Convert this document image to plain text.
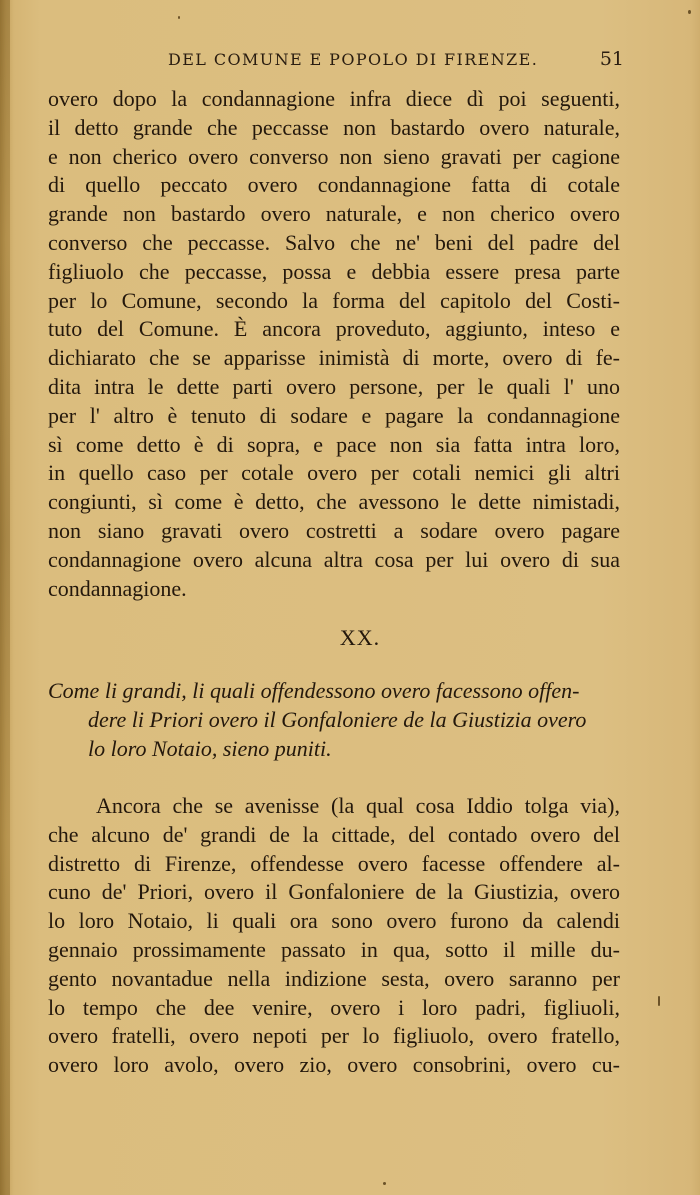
DEL COMUNE E POPOLO DI FIRENZE.	51
overo dopo la condannagione infra diece dì poi seguenti,
il detto grande che peccasse non bastardo overo naturale,
e non cherico overo converso non sieno gravati per cagione
di quello peccato overo condannagione fatta di cotale
grande non bastardo overo naturale, e non cherico overo
converso che peccasse. Salvo che ne' beni del padre del
figliuolo che peccasse, possa e debbia essere presa parte
per lo Comune, secondo la forma del capitolo del Costi-
tuto del Comune. È ancora proveduto, aggiunto, inteso e
dichiarato che se apparisse inimistà di morte, overo di fe-
dita intra le dette parti overo persone, per le quali l' uno
per l' altro è tenuto di sodare e pagare la condannagione
sì come detto è di sopra, e pace non sia fatta intra loro,
in quello caso per cotale overo per cotali nemici gli altri
congiunti, sì come è detto, che avessono le dette nimistadi,
non siano gravati overo costretti a sodare overo pagare
condannagione overo alcuna altra cosa per lui overo di sua
condannagione.
XX.
Come li grandi, li quali offendessono overo facessono offen-
dere li Priori overo il Gonfaloniere de la Giustizia overo
lo loro Notaio, sieno puniti.
Ancora che se avenisse (la qual cosa Iddio tolga via),
che alcuno de' grandi de la cittade, del contado overo del
distretto di Firenze, offendesse overo facesse offendere al-
cuno de' Priori, overo il Gonfaloniere de la Giustizia, overo
lo loro Notaio, li quali ora sono overo furono da calendi
gennaio prossimamente passato in qua, sotto il mille du-
gento novantadue nella indizione sesta, overo saranno per
lo tempo che dee venire, overo i loro padri, figliuoli,
overo fratelli, overo nepoti per lo figliuolo, overo fratello,
overo loro avolo, overo zio, overo consobrini, overo cu-
